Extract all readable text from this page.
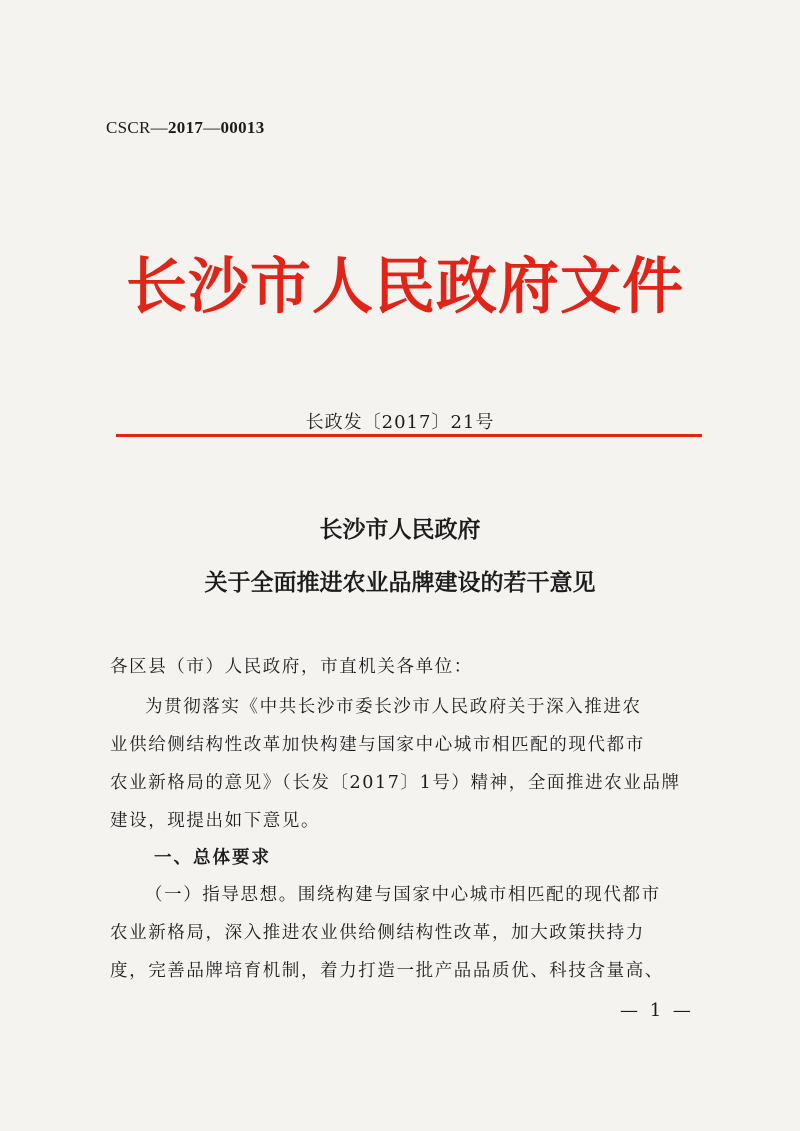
CSCR—2017—00013
长沙市人民政府文件
长政发〔2017〕21号
长沙市人民政府
关于全面推进农业品牌建设的若干意见
各区县（市）人民政府，市直机关各单位：
为贯彻落实《中共长沙市委长沙市人民政府关于深入推进农
业供给侧结构性改革加快构建与国家中心城市相匹配的现代都市
农业新格局的意见》（长发〔2017〕1号）精神，全面推进农业品牌
建设，现提出如下意见。
一、总体要求
（一）指导思想。围绕构建与国家中心城市相匹配的现代都市
农业新格局，深入推进农业供给侧结构性改革，加大政策扶持力
度，完善品牌培育机制，着力打造一批产品品质优、科技含量高、
— 1 —
